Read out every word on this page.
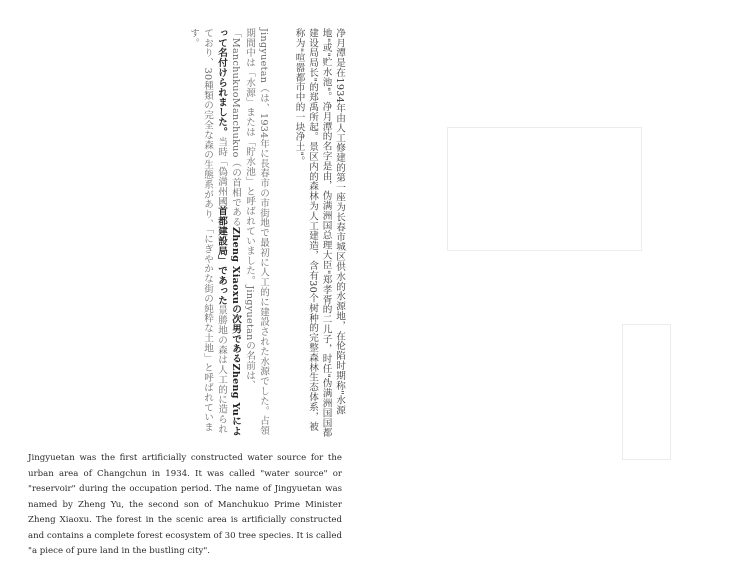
净月潭是在1934年由人工修建的第一座为长春市城区供水的水源地，在伦陷时期称"水源地"或"贮水池"。净月潭的名字是由，伪满洲国总理大臣"郑孝胥的二儿子，时任"伪满洲国国都建设局局长"的郑禹所起。景区内的森林为人工建造，含有30个树种的完整森林生态体系，被称为"喧嚣都市中的一块净土"。

Jingyuetan（は、1934年に長春市の市街地で最初に人工的に建設された水源でした。占領期間中は「水源」または「貯水池」と呼ばれていました。Jingyuetanの名前は、「ManchukuoManchukuo（の首相であるZheng Xiaoxuの次男であるZheng Yuによって名付けられました。当時「偽満州國首都建設局」であった景勝地の森は人工的に造られており、30種類の完全な森の生態系があり、「にぎやかな街の純粋な土地」と呼ばれています。

Jingyuetan was the first artificially constructed water source for the urban area of Changchun in 1934. It was called "water source" or "reservoir" during the occupation period. The name of Jingyuetan was named by Zheng Yu, the second son of Manchukuo Prime Minister Zheng Xiaoxu. The forest in the scenic area is artificially constructed and contains a complete forest ecosystem of 30 tree species. It is called "a piece of pure land in the bustling city".
